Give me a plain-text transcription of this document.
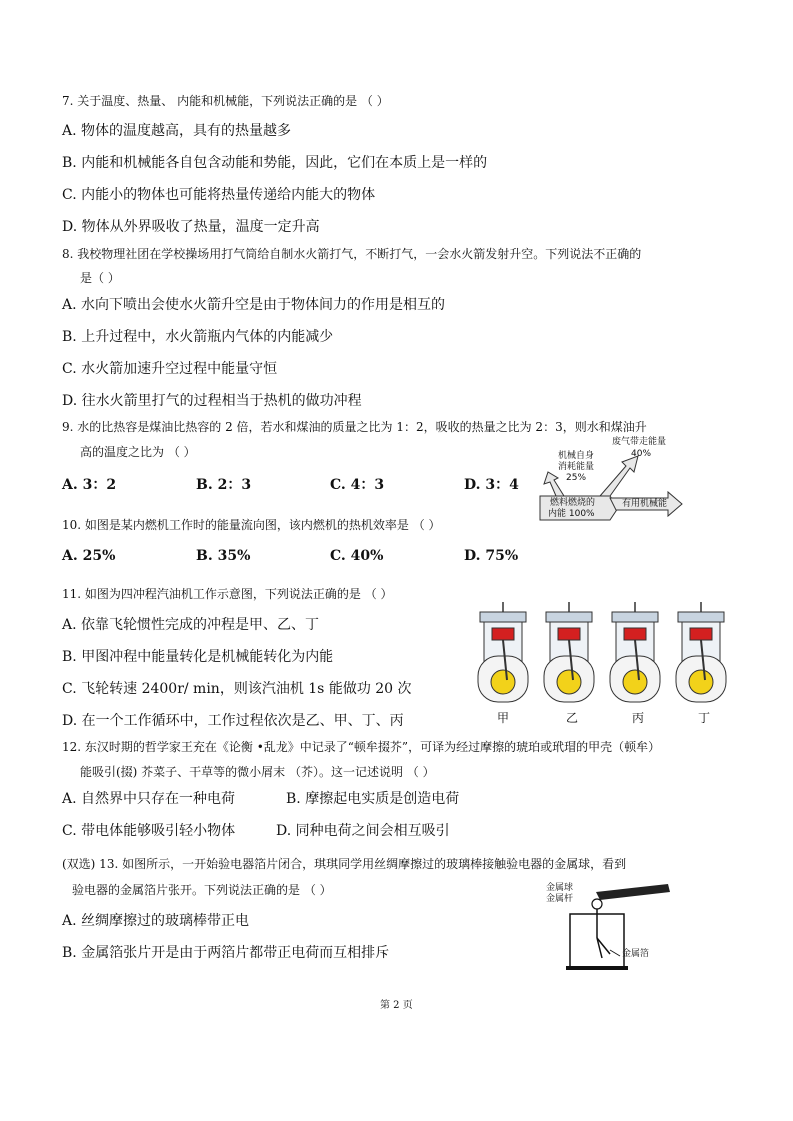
7. 关于温度、热量、 内能和机械能，下列说法正确的是 （ ）
A. 物体的温度越高，具有的热量越多
B. 内能和机械能各自包含动能和势能，因此，它们在本质上是一样的
C. 内能小的物体也可能将热量传递给内能大的物体
D. 物体从外界吸收了热量，温度一定升高
8. 我校物理社团在学校操场用打气筒给自制水火箭打气，不断打气，一会水火箭发射升空。下列说法不正确的
是（ ）
A. 水向下喷出会使水火箭升空是由于物体间力的作用是相互的
B. 上升过程中，水火箭瓶内气体的内能减少
C. 水火箭加速升空过程中能量守恒
D. 往水火箭里打气的过程相当于热机的做功冲程
9. 水的比热容是煤油比热容的 2 倍，若水和煤油的质量之比为 1：2，吸收的热量之比为 2：3，则水和煤油升
高的温度之比为 （ ）
A. 3：2	B. 2：3	C. 4：3	D. 3：4
废气带走能量
40%
机械自身
消耗能量
25%
燃料燃烧的
内能 100%
有用机械能
10. 如图是某内燃机工作时的能量流向图，该内燃机的热机效率是 （ ）
A. 25%	B. 35%	C. 40%	D. 75%
11. 如图为四冲程汽油机工作示意图，下列说法正确的是 （ ）
A. 依靠飞轮惯性完成的冲程是甲、乙、丁
B. 甲图冲程中能量转化是机械能转化为内能
C. 飞轮转速 2400r/ min，则该汽油机 1s 能做功 20 次
D. 在一个工作循环中，工作过程依次是乙、甲、丁、丙	甲	乙	丙	丁
12. 东汉时期的哲学家王充在《论衡 •乱龙》中记录了“顿牟掇芥”，可译为经过摩擦的琥珀或玳瑁的甲壳（顿牟）
能吸引(掇) 芥菜子、干草等的微小屑末 （芥）。这一记述说明 （ ）
A. 自然界中只存在一种电荷	B. 摩擦起电实质是创造电荷
C. 带电体能够吸引轻小物体	D. 同种电荷之间会相互吸引
(双选) 13. 如图所示，一开始验电器箔片闭合，琪琪同学用丝绸摩擦过的玻璃棒接触验电器的金属球，看到
验电器的金属箔片张开。下列说法正确的是 （ ）
A. 丝绸摩擦过的玻璃棒带正电
B. 金属箔张片开是由于两箔片都带正电荷而互相排斥
金属球
金属杆
金属箔
第 2 页
